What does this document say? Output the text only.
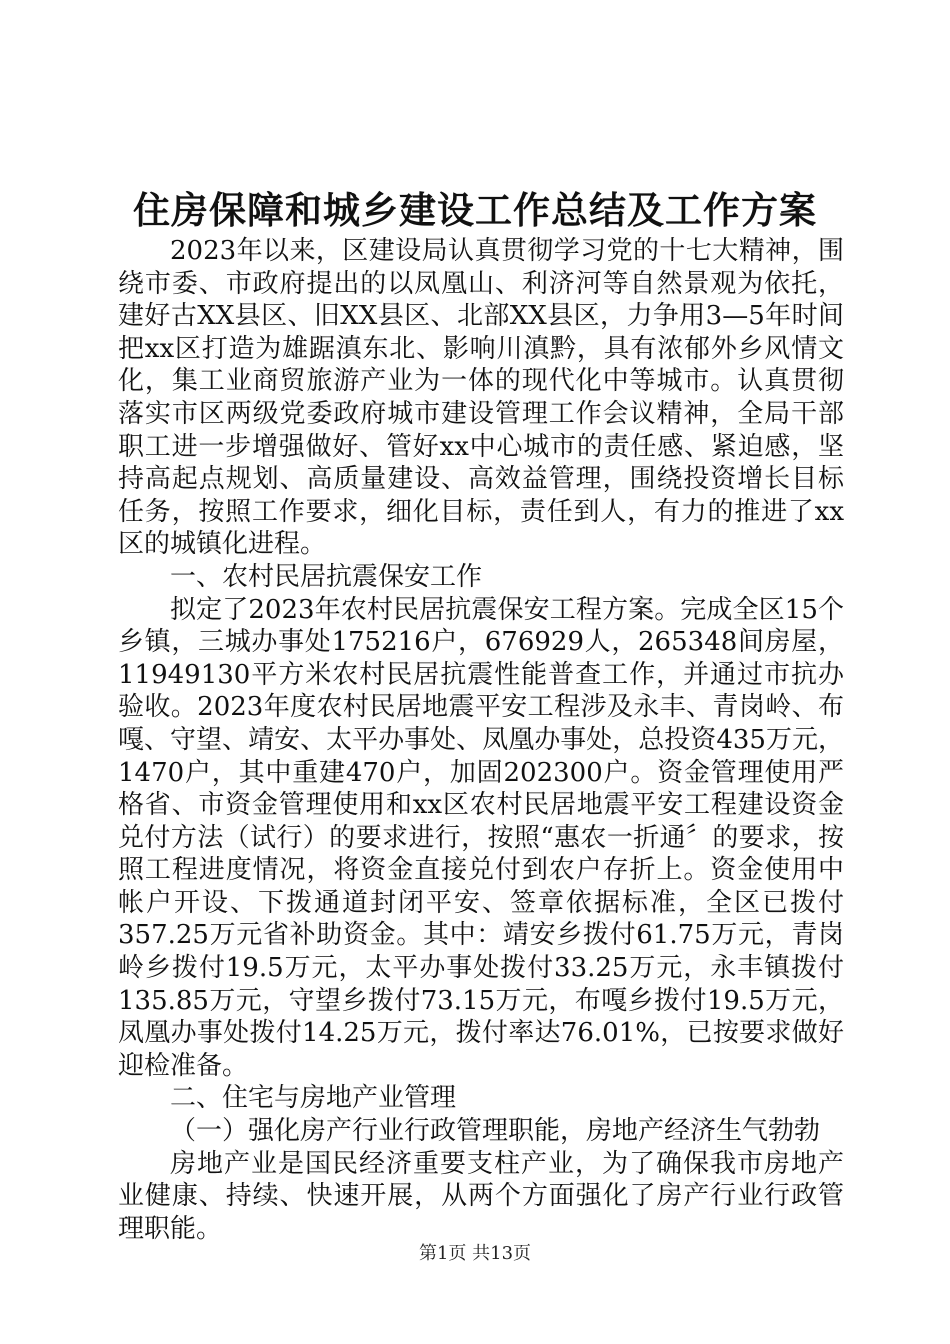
住房保障和城乡建设工作总结及工作方案

2023年以来，区建设局认真贯彻学习党的十七大精神，围绕市委、市政府提出的以凤凰山、利济河等自然景观为依托，建好古XX县区、旧XX县区、北部XX县区，力争用3—5年时间把xx区打造为雄踞滇东北、影响川滇黔，具有浓郁外乡风情文化，集工业商贸旅游产业为一体的现代化中等城市。认真贯彻落实市区两级党委政府城市建设管理工作会议精神，全局干部职工进一步增强做好、管好xx中心城市的责任感、紧迫感，坚持高起点规划、高质量建设、高效益管理，围绕投资增长目标任务，按照工作要求，细化目标，责任到人，有力的推进了xx区的城镇化进程。

一、农村民居抗震保安工作

拟定了2023年农村民居抗震保安工程方案。完成全区15个乡镇，三城办事处175216户，676929人，265348间房屋，11949130平方米农村民居抗震性能普查工作，并通过市抗办验收。2023年度农村民居地震平安工程涉及永丰、青岗岭、布嘎、守望、靖安、太平办事处、凤凰办事处，总投资435万元，1470户，其中重建470户，加固202300户。资金管理使用严格省、市资金管理使用和xx区农村民居地震平安工程建设资金兑付方法（试行）的要求进行，按照“惠农一折通〞的要求，按照工程进度情况，将资金直接兑付到农户存折上。资金使用中帐户开设、下拨通道封闭平安、签章依据标准，全区已拨付357.25万元省补助资金。其中：靖安乡拨付61.75万元，青岗岭乡拨付19.5万元，太平办事处拨付33.25万元，永丰镇拨付135.85万元，守望乡拨付73.15万元，布嘎乡拨付19.5万元，凤凰办事处拨付14.25万元，拨付率达76.01%，已按要求做好迎检准备。

二、住宅与房地产业管理

（一）强化房产行业行政管理职能，房地产经济生气勃勃

房地产业是国民经济重要支柱产业，为了确保我市房地产业健康、持续、快速开展，从两个方面强化了房产行业行政管理职能。

第1页 共13页
